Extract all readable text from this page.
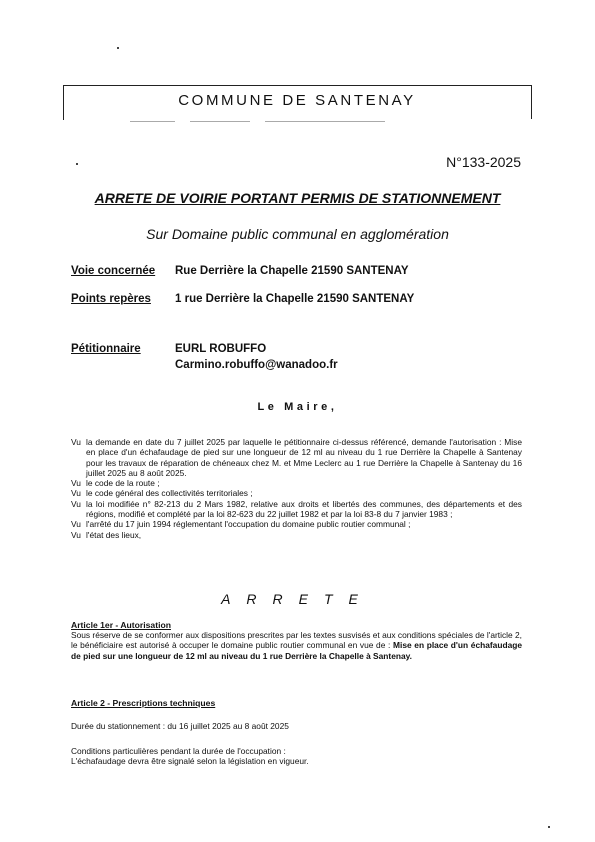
COMMUNE DE SANTENAY
N°133-2025
ARRETE DE VOIRIE PORTANT PERMIS DE STATIONNEMENT
Sur Domaine public communal en agglomération
Voie concernée Rue Derrière la Chapelle 21590 SANTENAY
Points repères 1 rue Derrière la Chapelle 21590 SANTENAY
Pétitionnaire	EURL ROBUFFO
Carmino.robuffo@wanadoo.fr
Le Maire,
Vu la demande en date du 7 juillet 2025 par laquelle le pétitionnaire ci-dessus référencé, demande l'autorisation : Mise en place d'un échafaudage de pied sur une longueur de 12 ml au niveau du 1 rue Derrière la Chapelle à Santenay pour les travaux de réparation de chéneaux chez M. et Mme Leclerc au 1 rue Derrière la Chapelle à Santenay du 16 juillet 2025 au 8 août 2025.
Vu le code de la route ;
Vu le code général des collectivités territoriales ;
Vu la loi modifiée n° 82-213 du 2 Mars 1982, relative aux droits et libertés des communes, des départements et des régions, modifié et complété par la loi 82-623 du 22 juillet 1982 et par la loi 83-8 du 7 janvier 1983 ;
Vu l'arrêté du 17 juin 1994 réglementant l'occupation du domaine public routier communal ;
Vu l'état des lieux,
ARRETE
Article 1er - Autorisation
Sous réserve de se conformer aux dispositions prescrites par les textes susvisés et aux conditions spéciales de l'article 2, le bénéficiaire est autorisé à occuper le domaine public routier communal en vue de : Mise en place d'un échafaudage de pied sur une longueur de 12 ml au niveau du 1 rue Derrière la Chapelle à Santenay.
Article 2 - Prescriptions techniques
Durée du stationnement : du 16 juillet 2025 au 8 août 2025
Conditions particulières pendant la durée de l'occupation :
L'échafaudage devra être signalé selon la législation en vigueur.
